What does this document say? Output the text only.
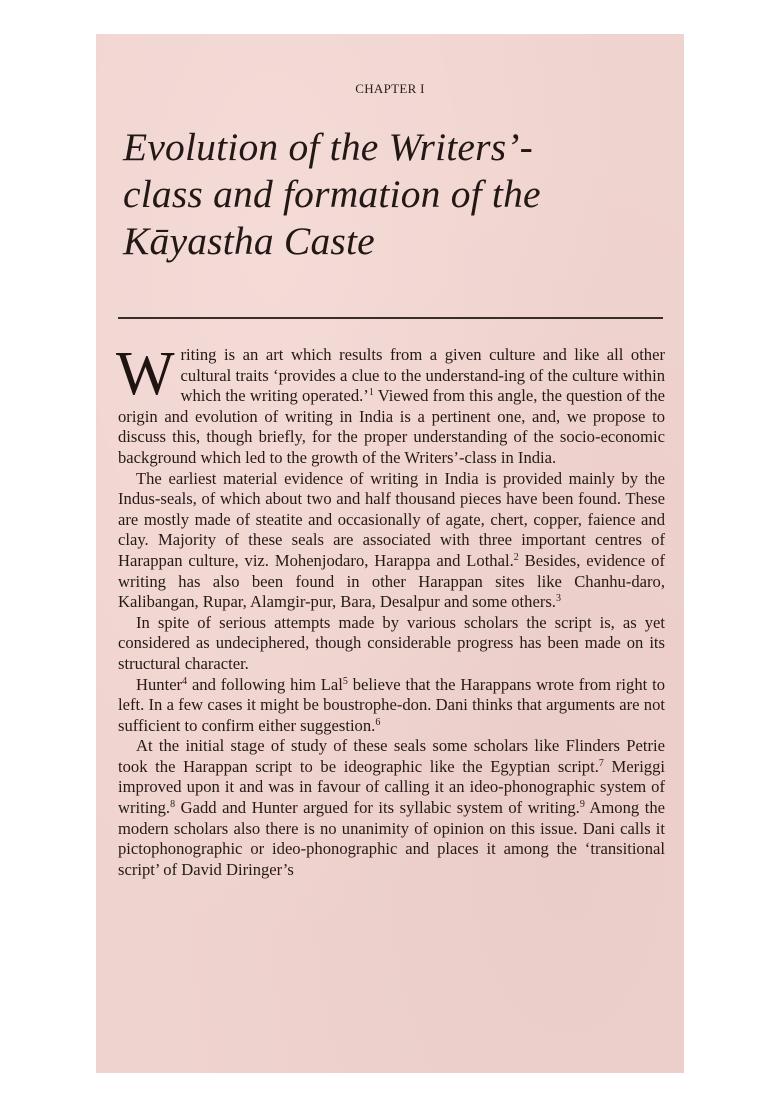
CHAPTER I
Evolution of the Writers’-
class and formation of the
Kāyastha Caste

Writing is an art which results from a given culture and like all other cultural traits ‘provides a clue to the understand-ing of the culture within which the writing operated.’$^1$ Viewed from this angle, the question of the origin and evolution of writing in India is a pertinent one, and, we propose to discuss this, though briefly, for the proper understanding of the socio-economic background which led to the growth of the Writers’-class in India.

The earliest material evidence of writing in India is provided mainly by the Indus-seals, of which about two and half thousand pieces have been found. These are mostly made of steatite and occasionally of agate, chert, copper, faience and clay. Majority of these seals are associated with three important centres of Harappan culture, viz. Mohenjodaro, Harappa and Lothal.$^2$ Besides, evidence of writing has also been found in other Harappan sites like Chanhu-daro, Kalibangan, Rupar, Alamgir-pur, Bara, Desalpur and some others.$^3$

In spite of serious attempts made by various scholars the script is, as yet considered as undeciphered, though considerable progress has been made on its structural character.

Hunter$^4$ and following him Lal$^5$ believe that the Harappans wrote from right to left. In a few cases it might be boustrophe-don. Dani thinks that arguments are not sufficient to confirm either suggestion.$^6$

At the initial stage of study of these seals some scholars like Flinders Petrie took the Harappan script to be ideographic like the Egyptian script.$^7$ Meriggi improved upon it and was in favour of calling it an ideo-phonographic system of writing.$^8$ Gadd and Hunter argued for its syllabic system of writing.$^9$ Among the modern scholars also there is no unanimity of opinion on this issue. Dani calls it pictophonographic or ideo-phonographic and places it among the ‘transitional script’ of David Diringer’s
